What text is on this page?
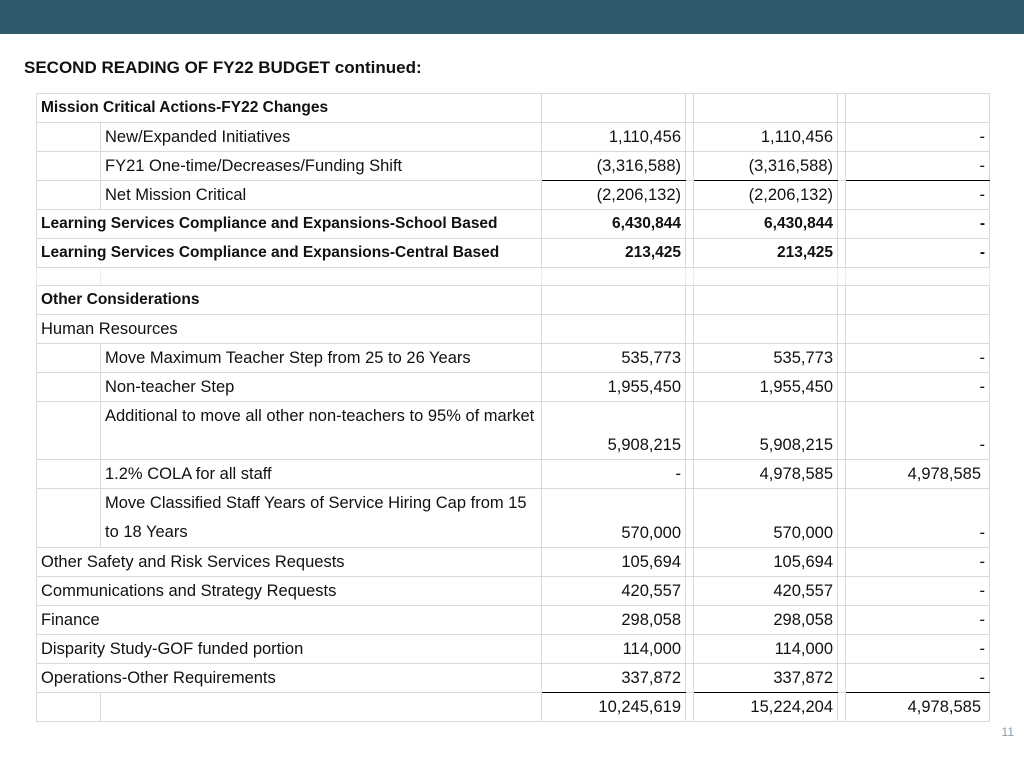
SECOND READING OF FY22 BUDGET continued:
Mission Critical Actions-FY22 Changes						
	New/Expanded Initiatives	1,110,456		1,110,456		-
	FY21 One-time/Decreases/Funding Shift	(3,316,588)		(3,316,588)		-
	Net Mission Critical	(2,206,132)		(2,206,132)		-
Learning Services Compliance and Expansions-School Based		6,430,844		6,430,844		-
Learning Services Compliance and Expansions-Central Based		213,425		213,425		-

Other Considerations						
Human Resources						
	Move Maximum Teacher Step from 25 to 26 Years	535,773		535,773		-
	Non-teacher Step	1,955,450		1,955,450		-
	Additional to move all other non-teachers to 95% of market	5,908,215		5,908,215		-
	1.2% COLA for all staff	-		4,978,585		4,978,585
	Move Classified Staff Years of Service Hiring Cap from 15 to 18 Years	570,000		570,000		-
Other Safety and Risk Services Requests		105,694		105,694		-
Communications and Strategy Requests		420,557		420,557		-
Finance		298,058		298,058		-
Disparity Study-GOF funded portion		114,000		114,000		-
Operations-Other Requirements		337,872		337,872		-
		10,245,619		15,224,204		4,978,585
11
